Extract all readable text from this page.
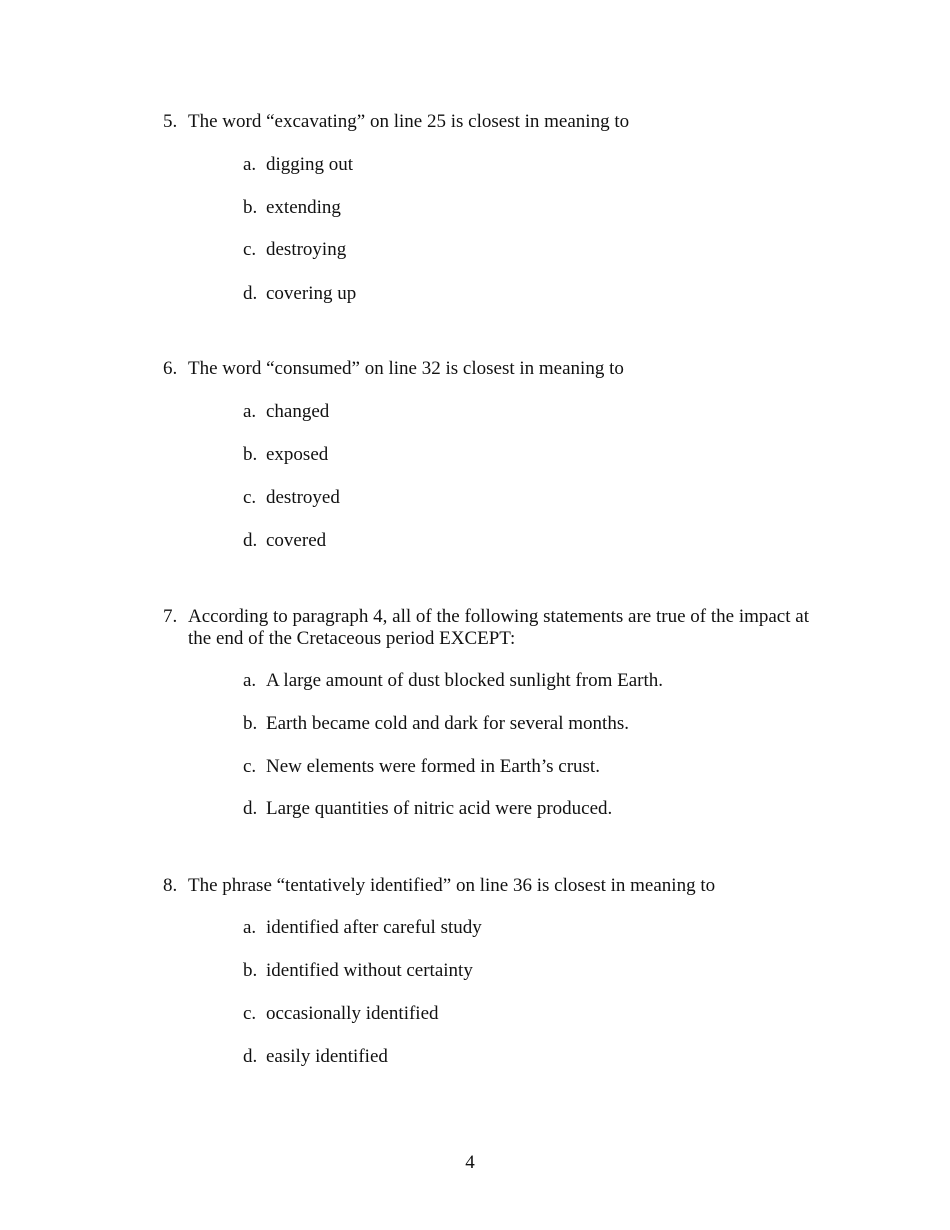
5. The word “excavating” on line 25 is closest in meaning to
a. digging out
b. extending
c. destroying
d. covering up
6. The word “consumed” on line 32 is closest in meaning to
a. changed
b. exposed
c. destroyed
d. covered
7. According to paragraph 4, all of the following statements are true of the impact at
the end of the Cretaceous period EXCEPT:
a. A large amount of dust blocked sunlight from Earth.
b. Earth became cold and dark for several months.
c. New elements were formed in Earth’s crust.
d. Large quantities of nitric acid were produced.
8. The phrase “tentatively identified” on line 36 is closest in meaning to
a. identified after careful study
b. identified without certainty
c. occasionally identified
d. easily identified
4
